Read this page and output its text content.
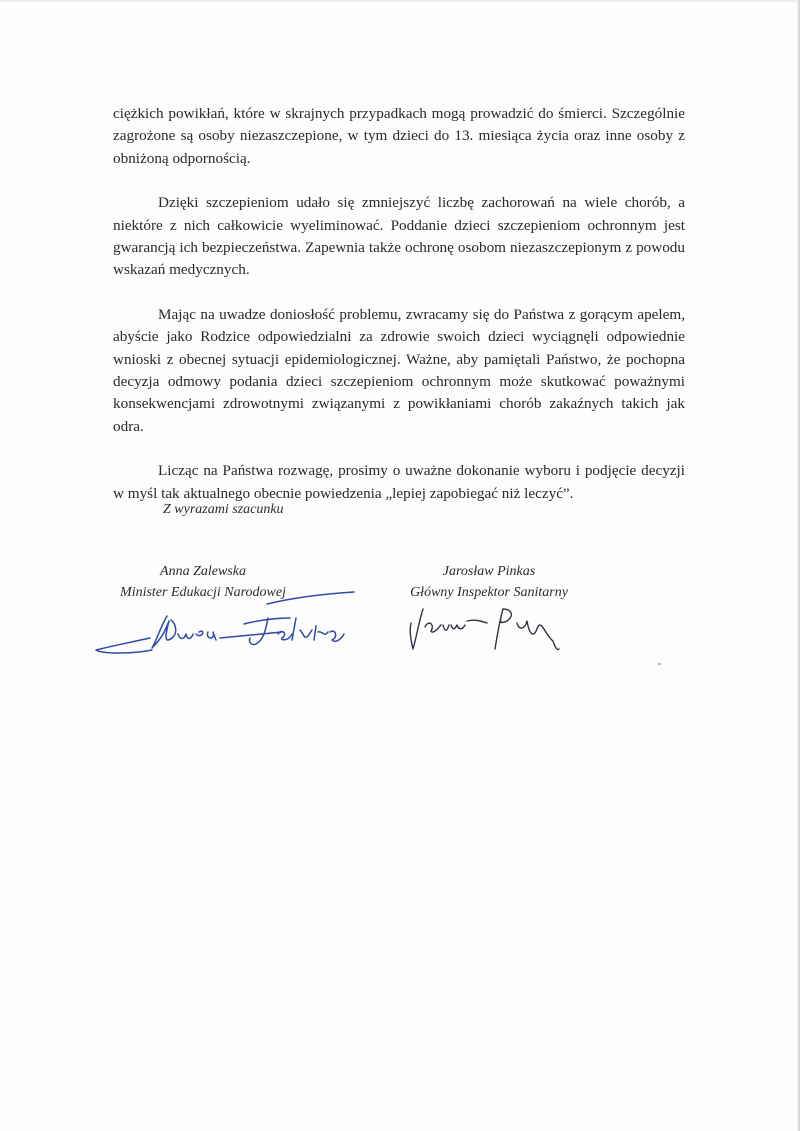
ciężkich powikłań, które w skrajnych przypadkach mogą prowadzić do śmierci. Szczególnie zagrożone są osoby niezaszczepione, w tym dzieci do 13. miesiąca życia oraz inne osoby z obniżoną odpornością.

Dzięki szczepieniom udało się zmniejszyć liczbę zachorowań na wiele chorób, a niektóre z nich całkowicie wyeliminować. Poddanie dzieci szczepieniom ochronnym jest gwarancją ich bezpieczeństwa. Zapewnia także ochronę osobom niezaszczepionym z powodu wskazań medycznych.

Mając na uwadze doniosłość problemu, zwracamy się do Państwa z gorącym apelem, abyście jako Rodzice odpowiedzialni za zdrowie swoich dzieci wyciągnęli odpowiednie wnioski z obecnej sytuacji epidemiologicznej. Ważne, aby pamiętali Państwo, że pochopna decyzja odmowy podania dzieci szczepieniom ochronnym może skutkować poważnymi konsekwencjami zdrowotnymi związanymi z powikłaniami chorób zakaźnych takich jak odra.

Licząc na Państwa rozwagę, prosimy o uważne dokonanie wyboru i podjęcie decyzji w myśl tak aktualnego obecnie powiedzenia „lepiej zapobiegać niż leczyć”.

Z wyrazami szacunku
Anna Zalewska
Minister Edukacji Narodowej
Jarosław Pinkas
Główny Inspektor Sanitarny
